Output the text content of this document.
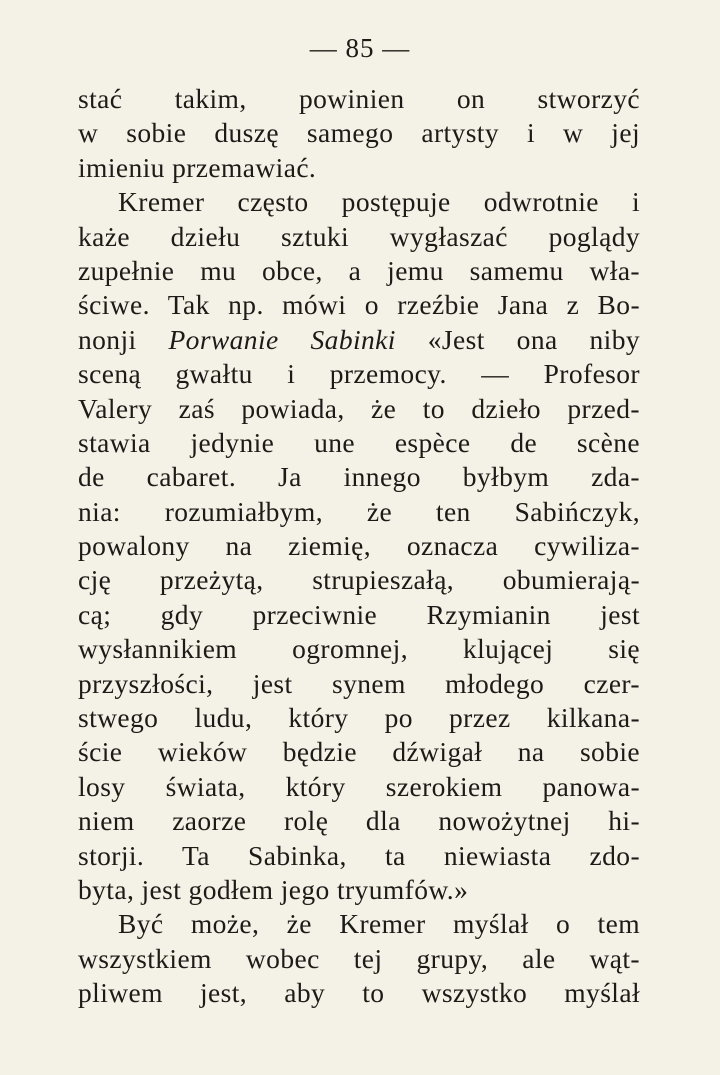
— 85 —
stać takim, powinien on stworzyć
w sobie duszę samego artysty i w jej
imieniu przemawiać.
Kremer często postępuje odwrotnie i
każe dziełu sztuki wygłaszać poglądy
zupełnie mu obce, a jemu samemu wła-
ściwe. Tak np. mówi o rzeźbie Jana z Bo-
nonji Porwanie Sabinki «Jest ona niby
sceną gwałtu i przemocy. — Profesor
Valery zaś powiada, że to dzieło przed-
stawia jedynie une espèce de scène
de cabaret. Ja innego byłbym zda-
nia: rozumiałbym, że ten Sabińczyk,
powalony na ziemię, oznacza cywiliza-
cję przeżytą, strupieszałą, obumierają-
cą; gdy przeciwnie Rzymianin jest
wysłannikiem ogromnej, klującej się
przyszłości, jest synem młodego czer-
stwego ludu, który po przez kilkana-
ście wieków będzie dźwigał na sobie
losy świata, który szerokiem panowa-
niem zaorze rolę dla nowożytnej hi-
storji. Ta Sabinka, ta niewiasta zdo-
byta, jest godłem jego tryumfów.»
Być może, że Kremer myślał o tem
wszystkiem wobec tej grupy, ale wąt-
pliwem jest, aby to wszystko myślał
